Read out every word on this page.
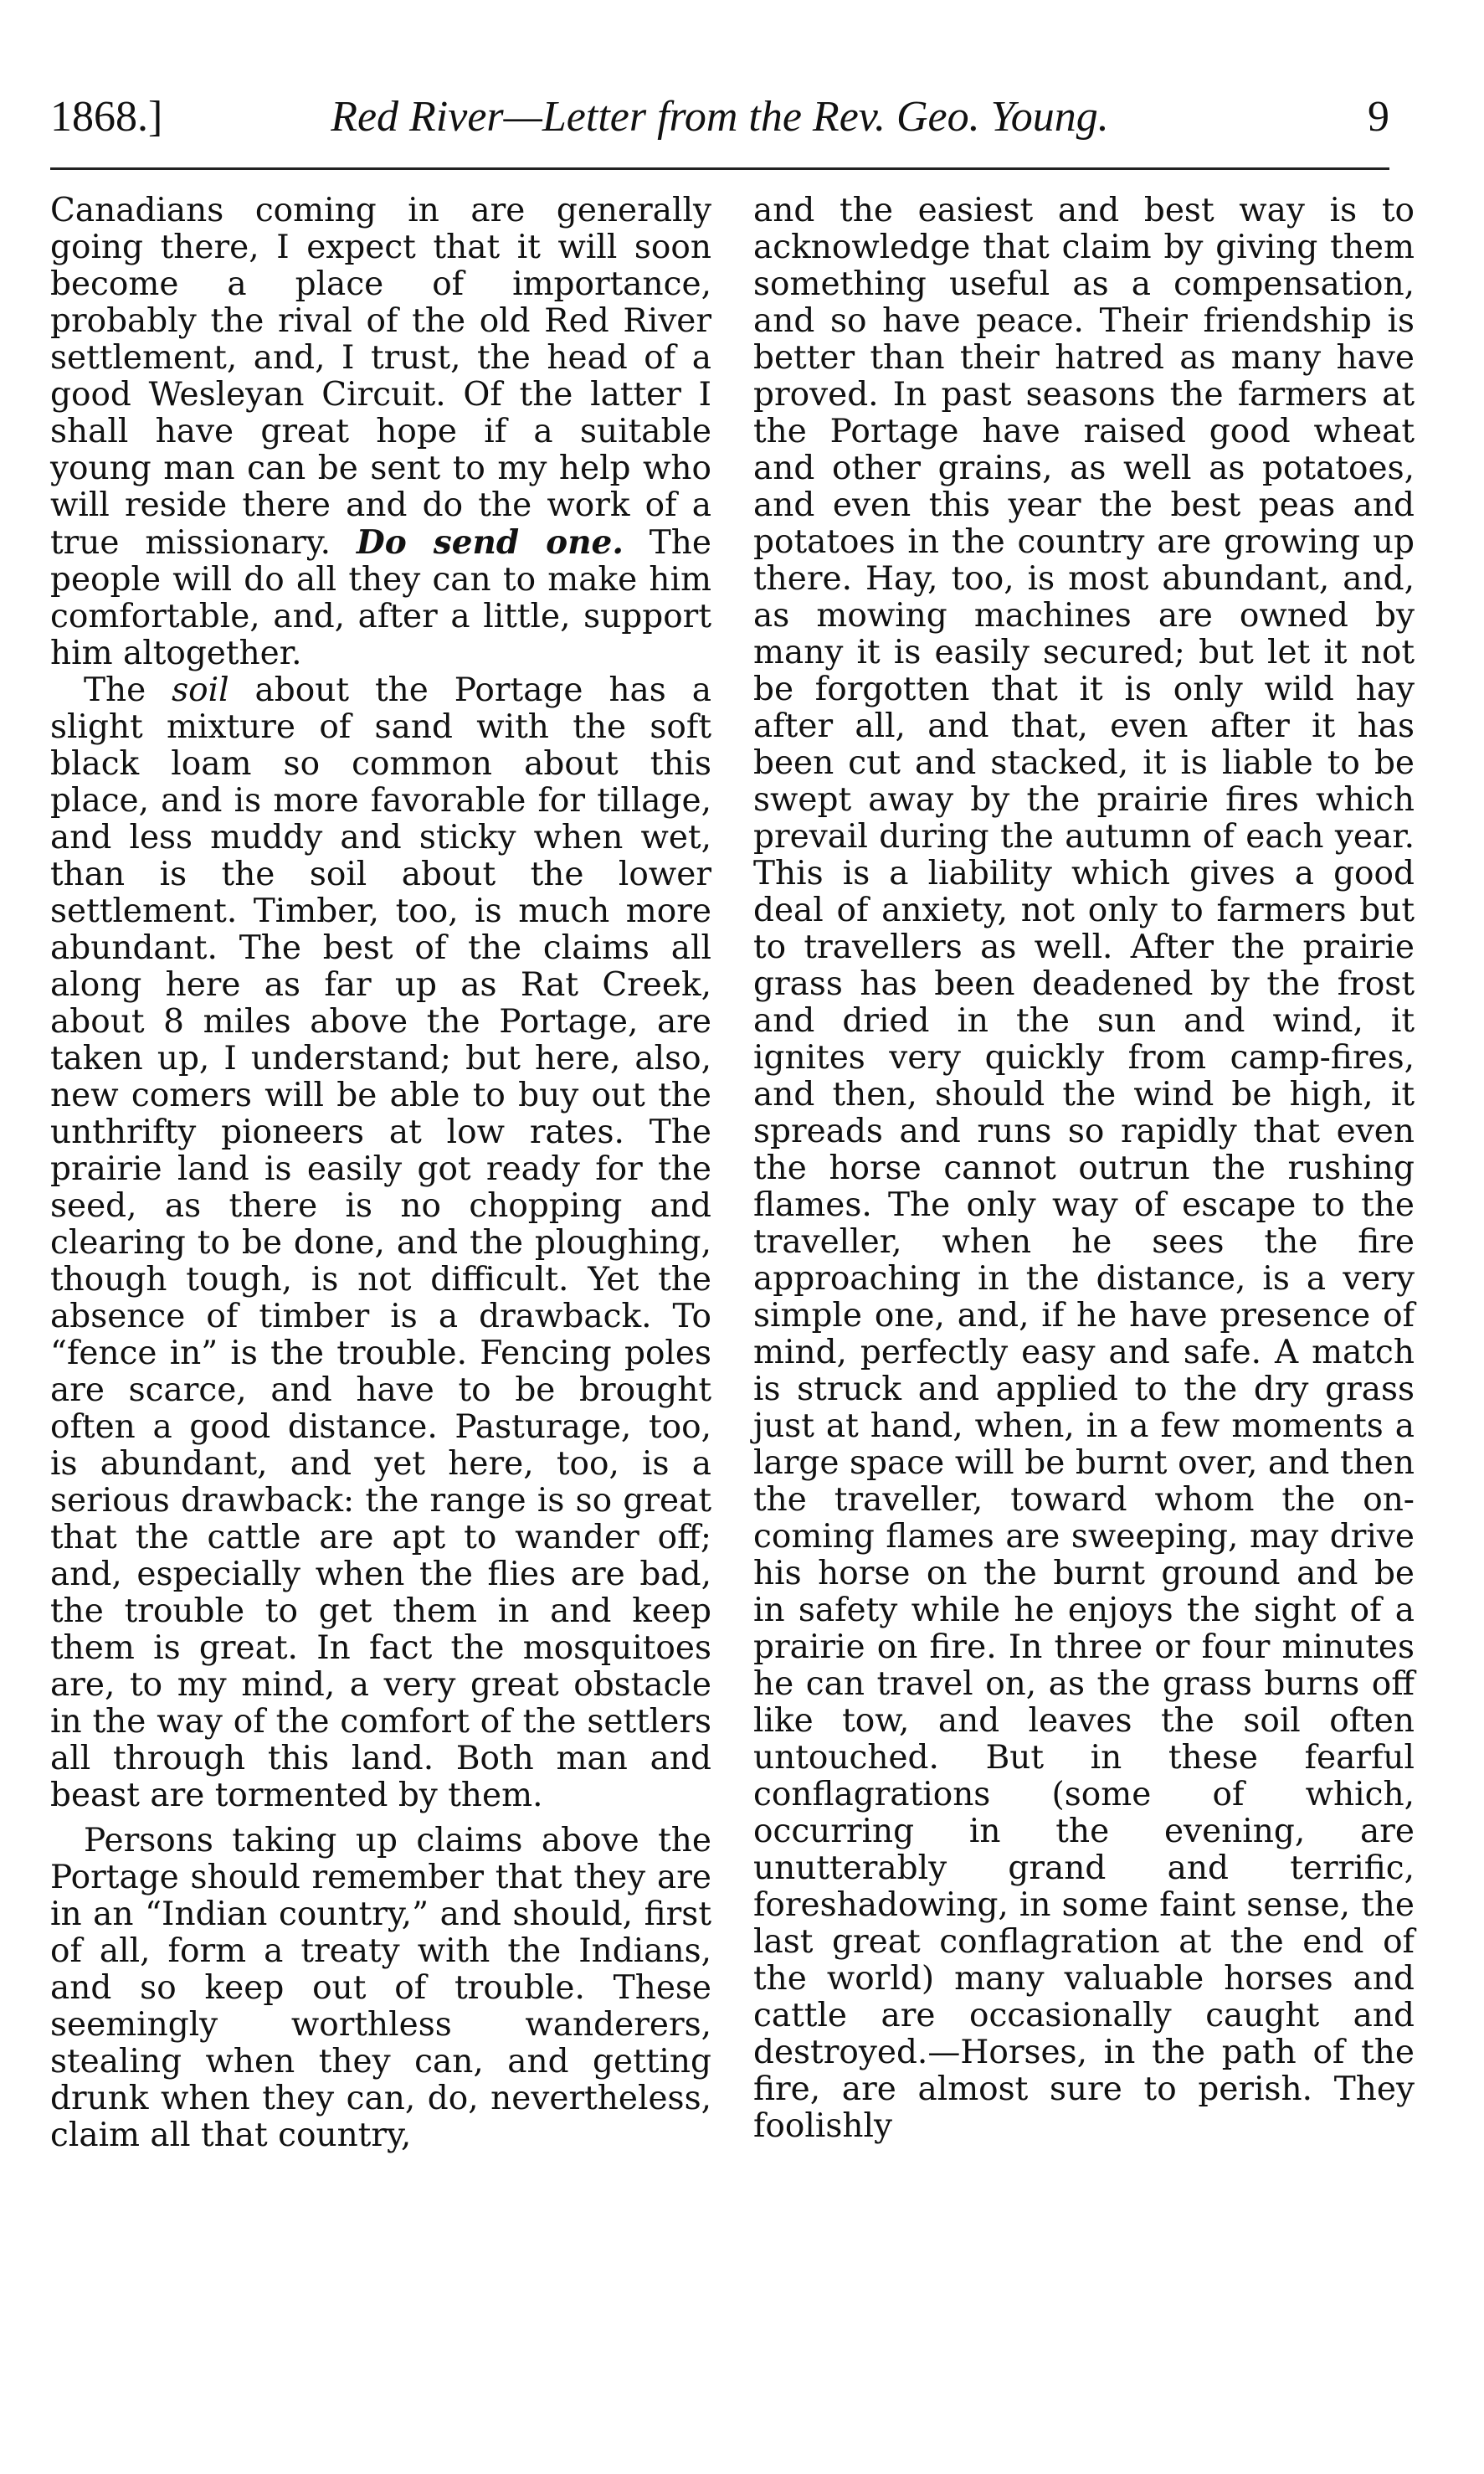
1868.]	Red River—Letter from the Rev. Geo. Young.	9

Canadians coming in are generally going there, I expect that it will soon become a place of importance, probably the rival of the old Red River settlement, and, I trust, the head of a good Wesleyan Circuit. Of the latter I shall have great hope if a suitable young man can be sent to my help who will reside there and do the work of a true missionary. Do send one. The people will do all they can to make him comfortable, and, after a little, support him altogether.

The soil about the Portage has a slight mixture of sand with the soft black loam so common about this place, and is more favorable for tillage, and less muddy and sticky when wet, than is the soil about the lower settlement. Timber, too, is much more abundant. The best of the claims all along here as far up as Rat Creek, about 8 miles above the Portage, are taken up, I understand; but here, also, new comers will be able to buy out the unthrifty pioneers at low rates. The prairie land is easily got ready for the seed, as there is no chopping and clearing to be done, and the ploughing, though tough, is not difficult. Yet the absence of timber is a drawback. To “fence in” is the trouble. Fencing poles are scarce, and have to be brought often a good distance. Pasturage, too, is abundant, and yet here, too, is a serious drawback: the range is so great that the cattle are apt to wander off; and, especially when the flies are bad, the trouble to get them in and keep them is great. In fact the mosquitoes are, to my mind, a very great obstacle in the way of the comfort of the settlers all through this land. Both man and beast are tormented by them.

Persons taking up claims above the Portage should remember that they are in an “Indian country,” and should, first of all, form a treaty with the Indians, and so keep out of trouble. These seemingly worthless wanderers, stealing when they can, and getting drunk when they can, do, nevertheless, claim all that country,

and the easiest and best way is to acknowledge that claim by giving them something useful as a compensation, and so have peace. Their friendship is better than their hatred as many have proved. In past seasons the farmers at the Portage have raised good wheat and other grains, as well as potatoes, and even this year the best peas and potatoes in the country are growing up there. Hay, too, is most abundant, and, as mowing machines are owned by many it is easily secured; but let it not be forgotten that it is only wild hay after all, and that, even after it has been cut and stacked, it is liable to be swept away by the prairie fires which prevail during the autumn of each year. This is a liability which gives a good deal of anxiety, not only to farmers but to travellers as well. After the prairie grass has been deadened by the frost and dried in the sun and wind, it ignites very quickly from camp-fires, and then, should the wind be high, it spreads and runs so rapidly that even the horse cannot outrun the rushing flames. The only way of escape to the traveller, when he sees the fire approaching in the distance, is a very simple one, and, if he have presence of mind, perfectly easy and safe. A match is struck and applied to the dry grass just at hand, when, in a few moments a large space will be burnt over, and then the traveller, toward whom the on-coming flames are sweeping, may drive his horse on the burnt ground and be in safety while he enjoys the sight of a prairie on fire. In three or four minutes he can travel on, as the grass burns off like tow, and leaves the soil often untouched. But in these fearful conflagrations (some of which, occurring in the evening, are unutterably grand and terrific, foreshadowing, in some faint sense, the last great conflagration at the end of the world) many valuable horses and cattle are occasionally caught and destroyed.—Horses, in the path of the fire, are almost sure to perish. They foolishly
